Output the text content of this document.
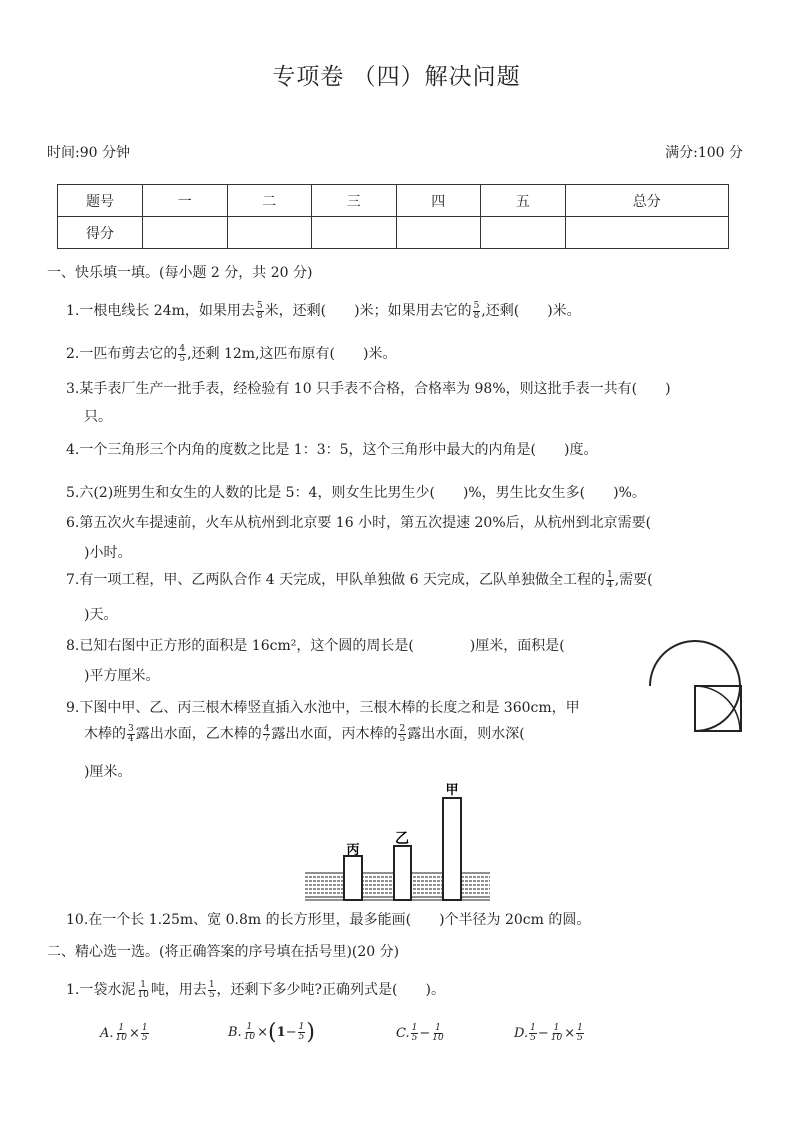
专项卷 （四）解决问题
时间:90 分钟	满分:100 分
题号	一	二	三	四	五	总分
得分						
一、快乐填一填。(每小题 2 分，共 20 分)
1.一根电线长 24m，如果用去 $\frac{5}{8}$ 米，还剩(　　)米；如果用去它的 $\frac{5}{8}$ ,还剩(　　)米。
2.一匹布剪去它的 $\frac{4}{5}$ ,还剩 12m,这匹布原有(　　)米。
3.某手表厂生产一批手表，经检验有 10 只手表不合格，合格率为 98%，则这批手表一共有(　　)
只。
4.一个三角形三个内角的度数之比是 1：3：5，这个三角形中最大的内角是(　　)度。
5.六(2)班男生和女生的人数的比是 5：4，则女生比男生少(　　)%，男生比女生多(　　)%。
6.第五次火车提速前，火车从杭州到北京要 16 小时，第五次提速 20%后，从杭州到北京需要(
)小时。
7.有一项工程，甲、乙两队合作 4 天完成，甲队单独做 6 天完成，乙队单独做全工程的 $\frac{1}{4}$ ,需要(
)天。
8.已知右图中正方形的面积是 16cm²，这个圆的周长是(　　　　)厘米，面积是(
)平方厘米。
9.下图中甲、乙、丙三根木棒竖直插入水池中，三根木棒的长度之和是 360cm，甲
木棒的 $\frac{3}{4}$ 露出水面，乙木棒的 $\frac{4}{7}$ 露出水面，丙木棒的 $\frac{2}{5}$ 露出水面，则水深(
)厘米。
丙
乙
甲
10.在一个长 1.25m、宽 0.8m 的长方形里，最多能画(　　)个半径为 20cm 的圆。
二、精心选一选。(将正确答案的序号填在括号里)(20 分)
1.一袋水泥 $\frac{1}{10}$ 吨，用去 $\frac{1}{5}$ ，还剩下多少吨?正确列式是(　　)。
A. $\frac{1}{10} \times \frac{1}{5}$	B. $\frac{1}{10} \times(1- \frac{1}{5}$ )	C. $\frac{1}{5} - \frac{1}{10}$	D. $\frac{1}{5} - \frac{1}{10} \times \frac{1}{5}$
